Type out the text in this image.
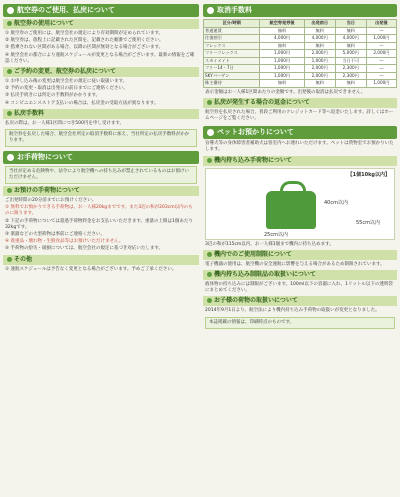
航空券のご使用、払戻について
航空券の使用について

① 航空券のご使用には、航空会社の規定により有効期間が定められています。

② 航空券は、旅程上に記載された区間を、記載された順番でご使用ください。

③ 搭乗されない区間がある場合、以降の区間が無効となる場合がございます。

④ 航空会社の都合により運航スケジュールが変更となる場合がございます。最新の情報をご確認ください。

ご予約の変更、航空券の払戻について

① お申し込み後の変更は航空会社の規定に従い取扱います。

② 予約の変更・取消は出発日の前日までにご連絡ください。

③ 払戻手続きには所定の手数料がかかります。

④ コンビニエンスストア支払いの場合は、払戻金の受取方法が異なります。

払戻手数料

払戻の際は、お一人様1区間につき500円を申し受けます。

航空券を払戻した場合、航空会社所定の取消手数料に加え、当社所定の払戻手数料がかかります。
お手荷物について
当社が定める危険物や、法令により航空機への持ち込みが禁止されているものはお預けいただけません。
お預けの手荷物について

ご出発時間の20分前までにお預けください。

① 無料でお預かりできる手荷物は、お一人様20kgまでです。また3辺の和が203cm以内のものに限ります。

② 下記の手荷物については超過手荷物料金をお支払いいただきます。重量の上限は1個あたり32kgです。

③ 楽器などの大型荷物は事前にご連絡ください。

④ 貴重品・壊れ物・生鮮食品等はお預けいただけません。

⑤ 手荷物の紛失・破損については、航空会社の規定に基づき対応いたします。

その他

① 運航スケジュールは予告なく変更となる場合がございます。予めご了承ください。

取消手数料
区分/時期	航空券発券後	出発前日	当日	出発後
普通運賃	無料	無料	無料	—
往復割引	4,000円	4,000円	4,000円	1,000円
フレックス	無料	無料	無料	—
フリーフレックス	1,000円	2,000円	5,000円	2,000円
スカイメイト	1,000円	1,000円	当日不可	—
フリー14・7日	1,000円	2,000円	2,300円	—
SKYバーゲン	1,000円	2,000円	2,300円	—
株主優待	無料	無料	無料	1,000円

表示金額はお一人様1区間あたりの金額です。出発後の取消は払戻できません。

払戻が発生する場合の返金について

航空券を払戻された場合、普段ご利用のクレジットカード等へ返金いたします。詳しくはホームページをご覧ください。

ペットお預かりについて

盲導犬等の身体障害者補助犬は客室内へお連れいただけます。ペットは貨物室でお預かりいたします。

機内持ち込み手荷物について
【1個10kg以内】
40cm以内
25cm以内
55cm以内

3辺の和が115cm以内、お一人様1個まで機内に持ち込めます。

機内でのご使用制限について

電子機器の使用は、航空機の安全運航に影響を与える場合があるため制限されています。

機内持ち込み制限品の取扱いについて

液体物の持ち込みには制限がございます。100ml以下の容器に入れ、1リットル以下の透明袋にまとめてください。

お子様の荷物の取扱いについて

2014年9月1日より、航空法により機内持ち込み手荷物の取扱いが変更となりました。

本誌掲載の情報は、印刷時点のものです。
